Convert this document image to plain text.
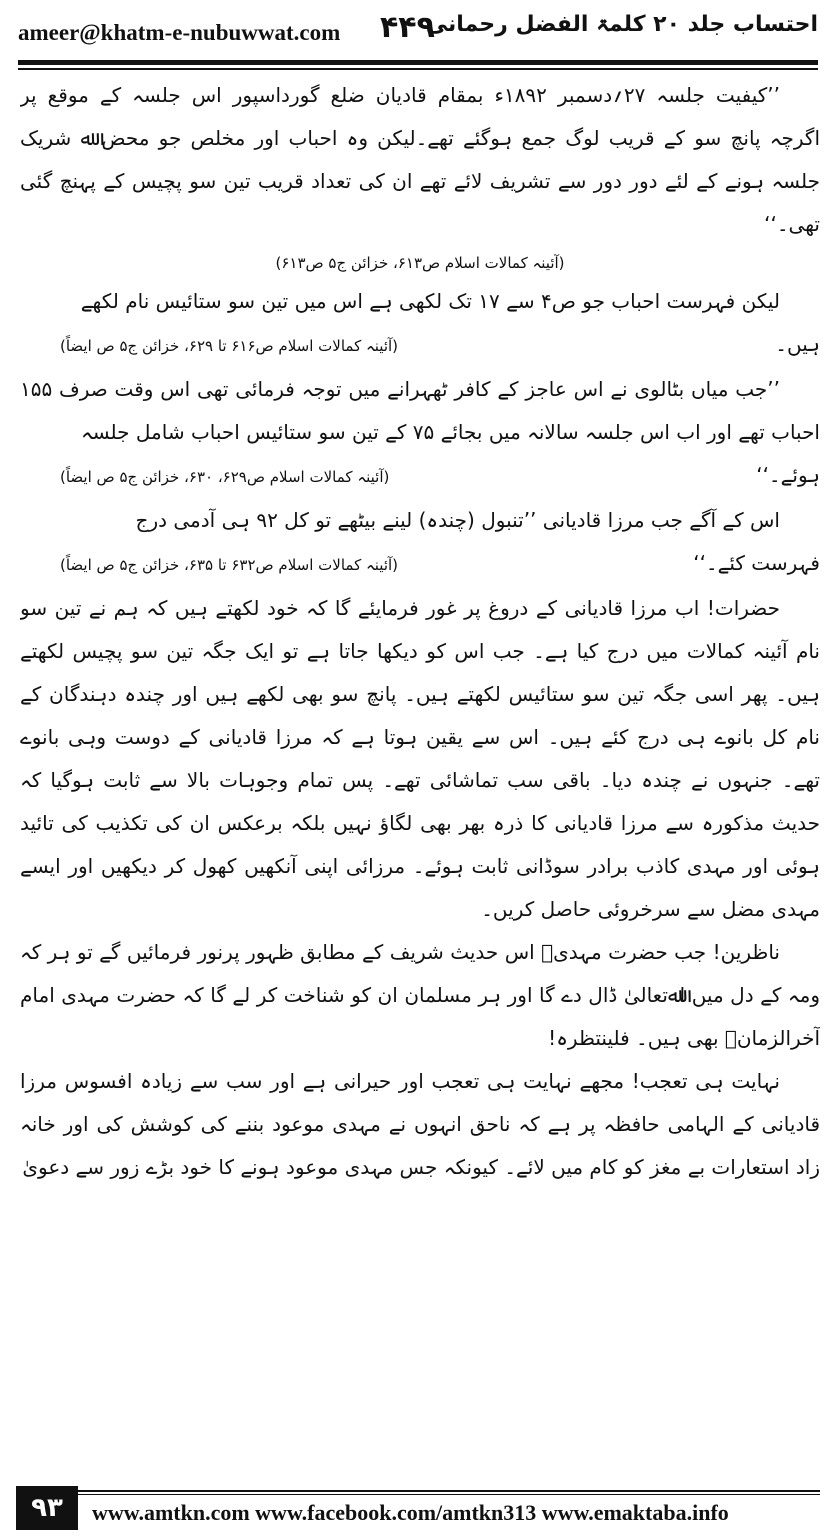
ameer@khatm-e-nubuwwat.com ۴۴۹
احتساب جلد ۲۰ کلمۃ الفضل رحمانی

’’کیفیت جلسہ ۲۷؍دسمبر ۱۸۹۲ء بمقام قادیان ضلع گورداسپور اس جلسہ کے موقع پر اگرچہ پانچ سو کے قریب لوگ جمع ہوگئے تھے۔لیکن وہ احباب اور مخلص جو محض ﷲ شریک جلسہ ہونے کے لئے دور دور سے تشریف لائے تھے ان کی تعداد قریب تین سو پچیس کے پہنچ گئی تھی۔‘‘

(آئینہ کمالات اسلام ص۶۱۳، خزائن ج۵ ص۶۱۳)

لیکن فہرست احباب جو ص۴ سے ۱۷ تک لکھی ہے اس میں تین سو ستائیس نام لکھے

ہیں۔
(آئینہ کمالات اسلام ص۶۱۶ تا ۶۲۹، خزائن ج۵ ص ایضاً)

’’جب میاں بٹالوی نے اس عاجز کے کافر ٹھہرانے میں توجہ فرمائی تھی اس وقت صرف ۱۵۵ احباب تھے اور اب اس جلسہ سالانہ میں بجائے ۷۵ کے تین سو ستائیس احباب شامل جلسہ

ہوئے۔‘‘
(آئینہ کمالات اسلام ص۶۲۹، ۶۳۰، خزائن ج۵ ص ایضاً)

اس کے آگے جب مرزا قادیانی ’’تنبول (چندہ) لینے بیٹھے تو کل ۹۲ ہی آدمی درج

فہرست کئے۔‘‘
(آئینہ کمالات اسلام ص۶۳۲ تا ۶۳۵، خزائن ج۵ ص ایضاً)

حضرات! اب مرزا قادیانی کے دروغ پر غور فرمایئے گا کہ خود لکھتے ہیں کہ ہم نے تین سو نام آئینہ کمالات میں درج کیا ہے۔ جب اس کو دیکھا جاتا ہے تو ایک جگہ تین سو پچیس لکھتے ہیں۔ پھر اسی جگہ تین سو ستائیس لکھتے ہیں۔ پانچ سو بھی لکھے ہیں اور چندہ دہندگان کے نام کل بانوے ہی درج کئے ہیں۔ اس سے یقین ہوتا ہے کہ مرزا قادیانی کے دوست وہی بانوے تھے۔ جنہوں نے چندہ دیا۔ باقی سب تماشائی تھے۔ پس تمام وجوہات بالا سے ثابت ہوگیا کہ حدیث مذکورہ سے مرزا قادیانی کا ذرہ بھر بھی لگاؤ نہیں بلکہ برعکس ان کی تکذیب کی تائید ہوئی اور مہدی کاذب برادر سوڈانی ثابت ہوئے۔ مرزائی اپنی آنکھیں کھول کر دیکھیں اور ایسے مہدی مضل سے سرخروئی حاصل کریں۔

ناظرین! جب حضرت مہدیؑ اس حدیث شریف کے مطابق ظہور پرنور فرمائیں گے تو ہر کہ ومہ کے دل میں اﷲتعالیٰ ڈال دے گا اور ہر مسلمان ان کو شناخت کر لے گا کہ حضرت مہدی امام آخرالزمانؑ بھی ہیں۔ فلینتظرہ!

نہایت ہی تعجب! مجھے نہایت ہی تعجب اور حیرانی ہے اور سب سے زیادہ افسوس مرزا قادیانی کے الہامی حافظہ پر ہے کہ ناحق انہوں نے مہدی موعود بننے کی کوشش کی اور خانہ زاد استعارات بے مغز کو کام میں لائے۔ کیونکہ جس مہدی موعود ہونے کا خود بڑے زور سے دعویٰ

۹۳	www.amtkn.com www.facebook.com/amtkn313 www.emaktaba.info
